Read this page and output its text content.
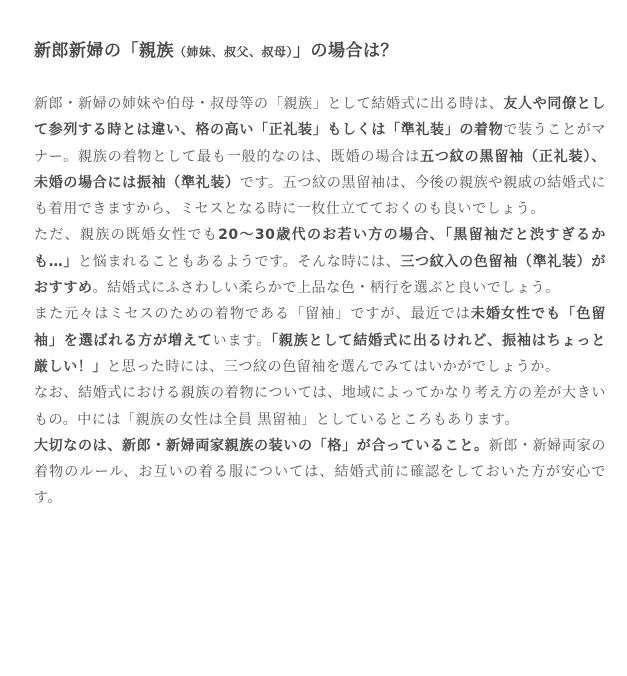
新郎新婦の「親族（姉妹、叔父、叔母）」の場合は？

新郎・新婦の姉妹や伯母・叔母等の「親族」として結婚式に出る時は、友人や同僚として参列する時とは違い、格の高い「正礼装」もしくは「準礼装」の着物で装うことがマナー。親族の着物として最も一般的なのは、既婚の場合は五つ紋の黒留袖（正礼装）、未婚の場合には振袖（準礼装）です。五つ紋の黒留袖は、今後の親族や親戚の結婚式にも着用できますから、ミセスとなる時に一枚仕立てておくのも良いでしょう。

ただ、親族の既婚女性でも20〜30歳代のお若い方の場合、「黒留袖だと渋すぎるかも…」と悩まれることもあるようです。そんな時には、三つ紋入の色留袖（準礼装）がおすすめ。結婚式にふさわしい柔らかで上品な色・柄行を選ぶと良いでしょう。

また元々はミセスのための着物である「留袖」ですが、最近では未婚女性でも「色留袖」を選ばれる方が増えています。「親族として結婚式に出るけれど、振袖はちょっと厳しい！」と思った時には、三つ紋の色留袖を選んでみてはいかがでしょうか。

なお、結婚式における親族の着物については、地域によってかなり考え方の差が大きいもの。中には「親族の女性は全員 黒留袖」としているところもあります。

大切なのは、新郎・新婦両家親族の装いの「格」が合っていること。新郎・新婦両家の着物のルール、お互いの着る服については、結婚式前に確認をしておいた方が安心です。
